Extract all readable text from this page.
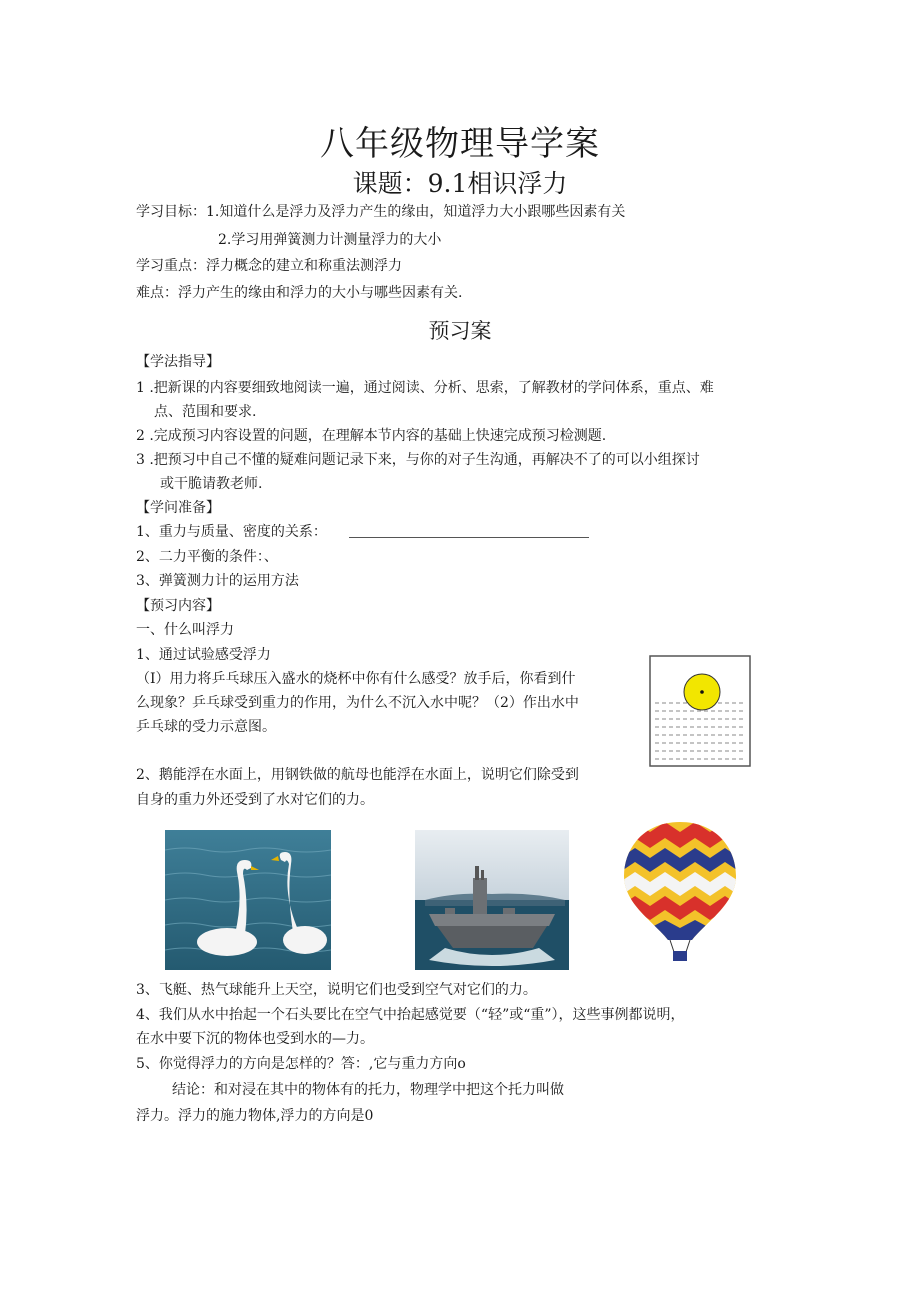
八年级物理导学案
课题：9.1相识浮力
学习目标：1.知道什么是浮力及浮力产生的缘由，知道浮力大小跟哪些因素有关
2.学习用弹簧测力计测量浮力的大小
学习重点：浮力概念的建立和称重法测浮力
难点：浮力产生的缘由和浮力的大小与哪些因素有关.
预习案
【学法指导】
1 .把新课的内容要细致地阅读一遍，通过阅读、分析、思索，了解教材的学问体系，重点、难
点、范围和要求.
2 .完成预习内容设置的问题，在理解本节内容的基础上快速完成预习检测题.
3 .把预习中自己不懂的疑难问题记录下来，与你的对子生沟通，再解决不了的可以小组探讨
或干脆请教老师.
【学问准备】
1、重力与质量、密度的关系：
2、二力平衡的条件：、
3、弹簧测力计的运用方法
【预习内容】
一、什么叫浮力
1、通过试验感受浮力
（I）用力将乒乓球压入盛水的烧杯中你有什么感受？放手后，你看到什
么现象？乒乓球受到重力的作用，为什么不沉入水中呢？（2）作出水中
乒乓球的受力示意图。
2、鹅能浮在水面上，用钢铁做的航母也能浮在水面上，说明它们除受到
自身的重力外还受到了水对它们的力。
3、飞艇、热气球能升上天空，说明它们也受到空气对它们的力。
4、我们从水中抬起一个石头要比在空气中抬起感觉要（“轻”或“重”），这些事例都说明，
在水中要下沉的物体也受到水的—力。
5、你觉得浮力的方向是怎样的？答：,它与重力方向o
结论：和对浸在其中的物体有的托力，物理学中把这个托力叫做
浮力。浮力的施力物体,浮力的方向是0
